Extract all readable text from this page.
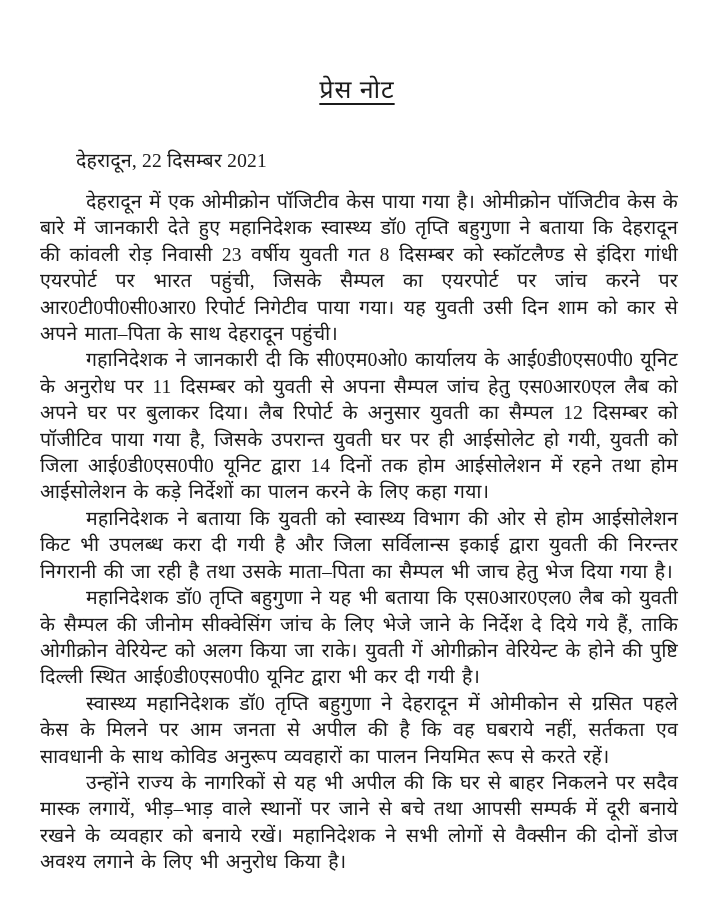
प्रेस नोट
देहरादून, 22 दिसम्बर 2021

देहरादून में एक ओमीक्रोन पॉजिटीव केस पाया गया है। ओमीक्रोन पॉजिटीव केस के बारे में जानकारी देते हुए महानिदेशक स्वास्थ्य डॉ0 तृप्ति बहुगुणा ने बताया कि देहरादून की कांवली रोड़ निवासी 23 वर्षीय युवती गत 8 दिसम्बर को स्कॉटलैण्ड से इंदिरा गांधी एयरपोर्ट पर भारत पहुंची, जिसके सैम्पल का एयरपोर्ट पर जांच करने पर आर0टी0पी0सी0आर0 रिपोर्ट निगेटीव पाया गया। यह युवती उसी दिन शाम को कार से अपने माता–पिता के साथ देहरादून पहुंची।

गहानिदेशक ने जानकारी दी कि सी0एम0ओ0 कार्यालय के आई0डी0एस0पी0 यूनिट के अनुरोध पर 11 दिसम्बर को युवती से अपना सैम्पल जांच हेतु एस0आर0एल लैब को अपने घर पर बुलाकर दिया। लैब रिपोर्ट के अनुसार युवती का सैम्पल 12 दिसम्बर को पॉजीटिव पाया गया है, जिसके उपरान्त युवती घर पर ही आईसोलेट हो गयी, युवती को जिला आई0डी0एस0पी0 यूनिट द्वारा 14 दिनों तक होम आईसोलेशन में रहने तथा होम आईसोलेशन के कड़े निर्देशों का पालन करने के लिए कहा गया।

महानिदेशक ने बताया कि युवती को स्वास्थ्य विभाग की ओर से होम आईसोलेशन किट भी उपलब्ध करा दी गयी है और जिला सर्विलान्स इकाई द्वारा युवती की निरन्तर निगरानी की जा रही है तथा उसके माता–पिता का सैम्पल भी जाच हेतु भेज दिया गया है।

महानिदेशक डॉ0 तृप्ति बहुगुणा ने यह भी बताया कि एस0आर0एल0 लैब को युवती के सैम्पल की जीनोम सीक्वेसिंग जांच के लिए भेजे जाने के निर्देश दे दिये गये हैं, ताकि ओगीक्रोन वेरियेन्ट को अलग किया जा राके। युवती गें ओगीक्रोन वेरियेन्ट के होने की पुष्टि दिल्ली स्थित आई0डी0एस0पी0 यूनिट द्वारा भी कर दी गयी है।

स्वास्थ्य महानिदेशक डॉ0 तृप्ति बहुगुणा ने देहरादून में ओमीकोन से ग्रसित पहले केस के मिलने पर आम जनता से अपील की है कि वह घबराये नहीं, सर्तकता एव सावधानी के साथ कोविड अनुरूप व्यवहारों का पालन नियमित रूप से करते रहें।

उन्होंने राज्य के नागरिकों से यह भी अपील की कि घर से बाहर निकलने पर सदैव मास्क लगायें, भीड़–भाड़ वाले स्थानों पर जाने से बचे तथा आपसी सम्पर्क में दूरी बनाये रखने के व्यवहार को बनाये रखें। महानिदेशक ने सभी लोगों से वैक्सीन की दोनों डोज अवश्य लगाने के लिए भी अनुरोध किया है।
